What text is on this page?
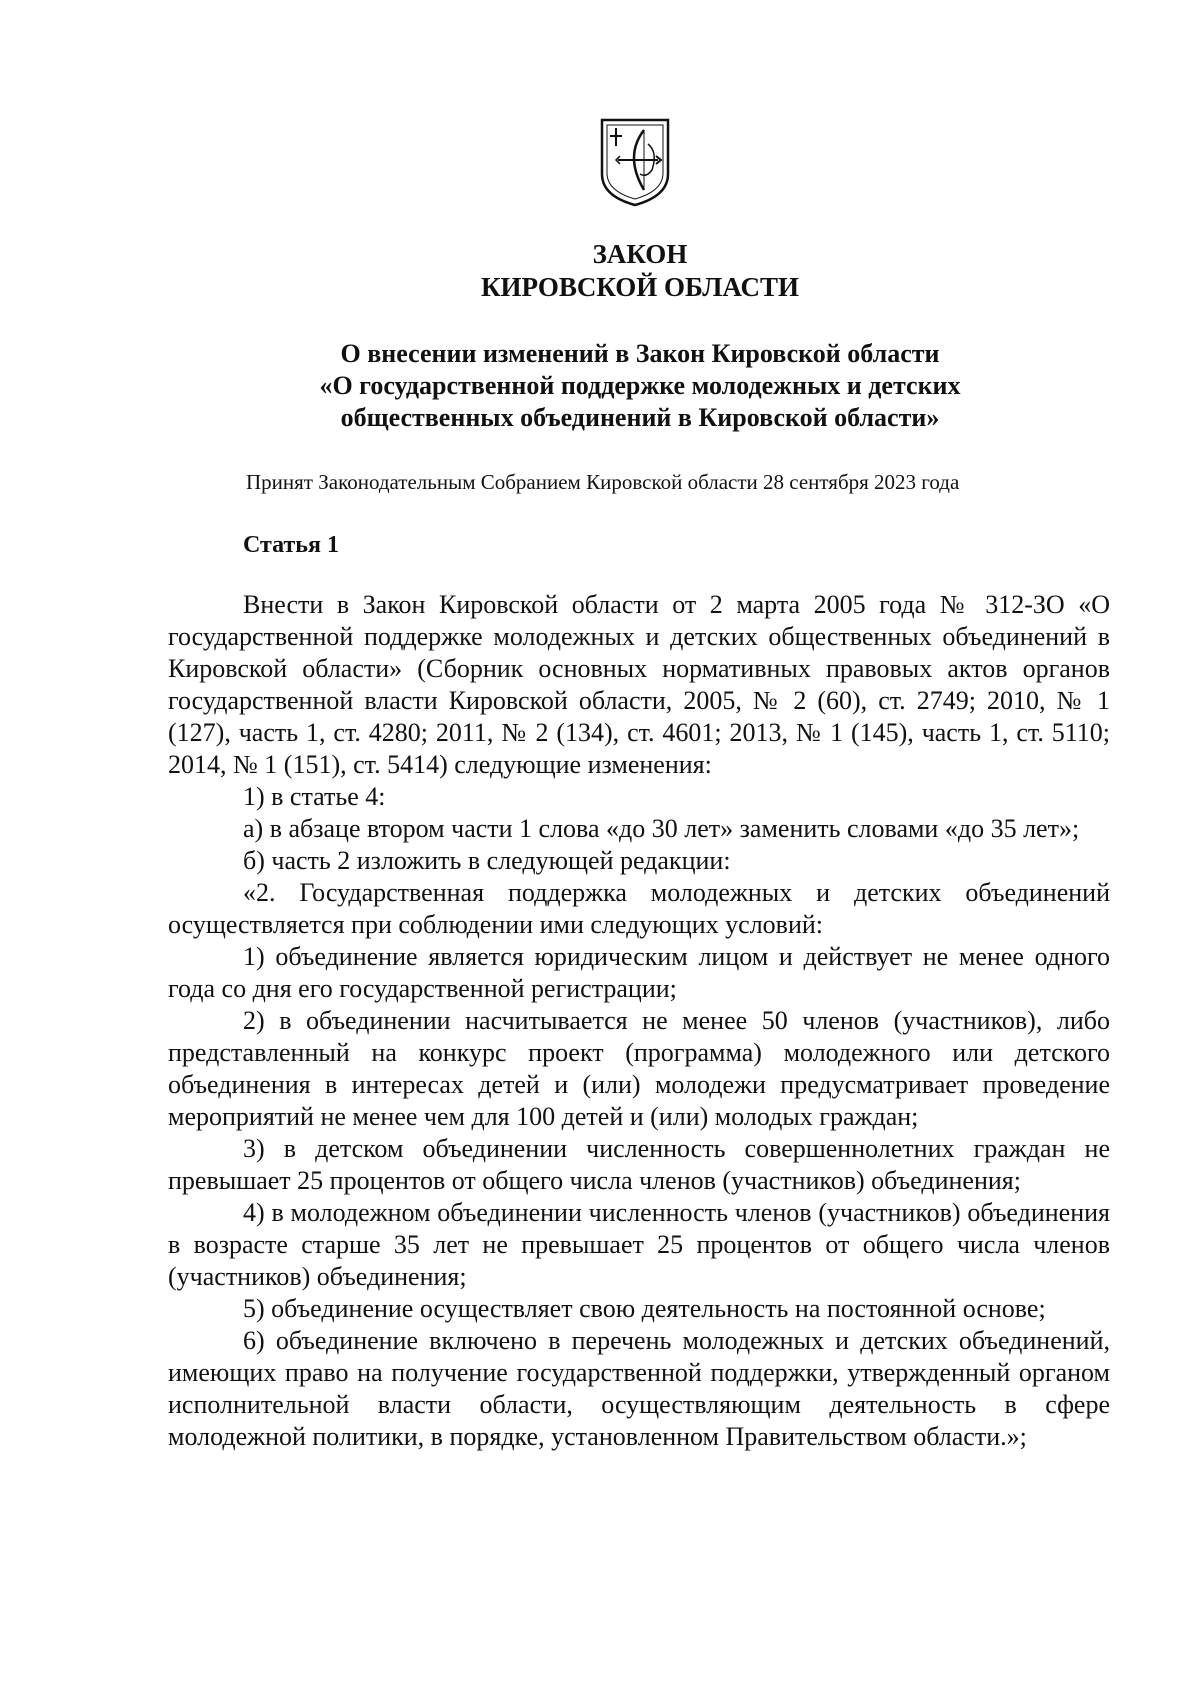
ЗАКОН
КИРОВСКОЙ ОБЛАСТИ
О внесении изменений в Закон Кировской области
«О государственной поддержке молодежных и детских
общественных объединений в Кировской области»
Принят Законодательным Собранием Кировской области 28 сентября 2023 года
Статья 1

Внести в Закон Кировской области от 2 марта 2005 года № 312-ЗО «О государственной поддержке молодежных и детских общественных объединений в Кировской области» (Сборник основных нормативных правовых актов органов государственной власти Кировской области, 2005, № 2 (60), ст. 2749; 2010, № 1 (127), часть 1, ст. 4280; 2011, № 2 (134), ст. 4601; 2013, № 1 (145), часть 1, ст. 5110; 2014, № 1 (151), ст. 5414) следующие изменения:

1) в статье 4:

а) в абзаце втором части 1 слова «до 30 лет» заменить словами «до 35 лет»;

б) часть 2 изложить в следующей редакции:

«2. Государственная поддержка молодежных и детских объединений осуществляется при соблюдении ими следующих условий:

1) объединение является юридическим лицом и действует не менее одного года со дня его государственной регистрации;

2) в объединении насчитывается не менее 50 членов (участников), либо представленный на конкурс проект (программа) молодежного или детского объединения в интересах детей и (или) молодежи предусматривает проведение мероприятий не менее чем для 100 детей и (или) молодых граждан;

3) в детском объединении численность совершеннолетних граждан не превышает 25 процентов от общего числа членов (участников) объединения;

4) в молодежном объединении численность членов (участников) объединения в возрасте старше 35 лет не превышает 25 процентов от общего числа членов (участников) объединения;

5) объединение осуществляет свою деятельность на постоянной основе;

6) объединение включено в перечень молодежных и детских объединений, имеющих право на получение государственной поддержки, утвержденный органом исполнительной власти области, осуществляющим деятельность в сфере молодежной политики, в порядке, установленном Правительством области.»;
